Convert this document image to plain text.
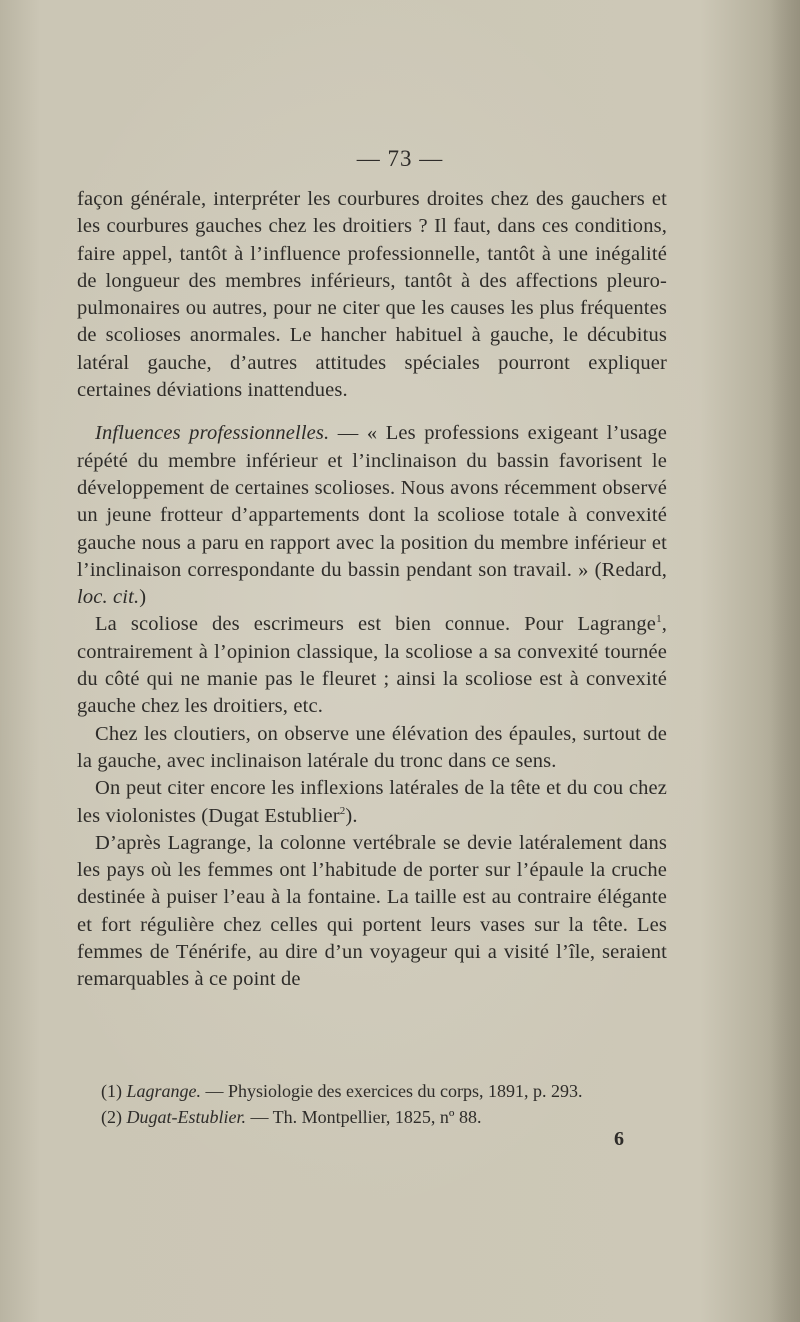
— 73 —

façon générale, interpréter les courbures droites chez des gauchers et les courbures gauches chez les droitiers ? Il faut, dans ces conditions, faire appel, tantôt à l’influence professionnelle, tantôt à une inégalité de longueur des membres inférieurs, tantôt à des affections pleuro-pulmonaires ou autres, pour ne citer que les causes les plus fréquentes de scolioses anormales. Le hancher habituel à gauche, le décubitus latéral gauche, d’autres attitudes spéciales pourront expliquer certaines déviations inattendues.

Influences professionnelles. — « Les professions exigeant l’usage répété du membre inférieur et l’inclinaison du bassin favorisent le développement de certaines scolioses. Nous avons récemment observé un jeune frotteur d’appartements dont la scoliose totale à convexité gauche nous a paru en rapport avec la position du membre inférieur et l’inclinaison correspondante du bassin pendant son travail. » (Redard, loc. cit.)

La scoliose des escrimeurs est bien connue. Pour Lagrange$^1$, contrairement à l’opinion classique, la scoliose a sa convexité tournée du côté qui ne manie pas le fleuret ; ainsi la scoliose est à convexité gauche chez les droitiers, etc.

Chez les cloutiers, on observe une élévation des épaules, surtout de la gauche, avec inclinaison latérale du tronc dans ce sens.

On peut citer encore les inflexions latérales de la tête et du cou chez les violonistes (Dugat Estublier$^2$).

D’après Lagrange, la colonne vertébrale se devie latéralement dans les pays où les femmes ont l’habitude de porter sur l’épaule la cruche destinée à puiser l’eau à la fontaine. La taille est au contraire élégante et fort régulière chez celles qui portent leurs vases sur la tête. Les femmes de Ténérife, au dire d’un voyageur qui a visité l’île, seraient remarquables à ce point de

(1) Lagrange. — Physiologie des exercices du corps, 1891, p. 293.
(2) Dugat-Estublier. — Th. Montpellier, 1825, nº 88.
6
